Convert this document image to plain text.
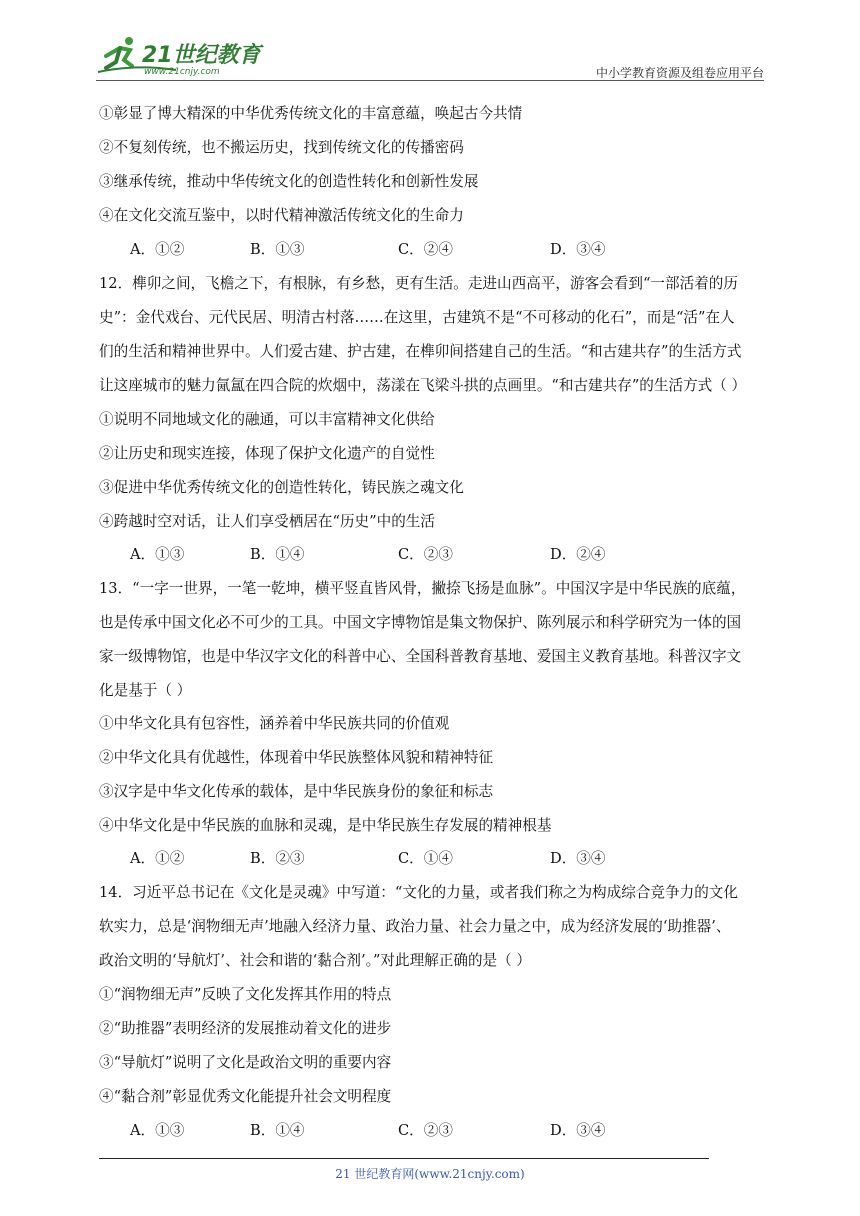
21世纪教育
www.21cnjy.com	中小学教育资源及组卷应用平台
①彰显了博大精深的中华优秀传统文化的丰富意蕴，唤起古今共情
②不复刻传统，也不搬运历史，找到传统文化的传播密码
③继承传统，推动中华传统文化的创造性转化和创新性发展
④在文化交流互鉴中，以时代精神激活传统文化的生命力
A．①②	B．①③	C．②④	D．③④
12．榫卯之间，飞檐之下，有根脉，有乡愁，更有生活。走进山西高平，游客会看到“一部活着的历
史”：金代戏台、元代民居、明清古村落……在这里，古建筑不是“不可移动的化石”，而是“活”在人
们的生活和精神世界中。人们爱古建、护古建，在榫卯间搭建自己的生活。“和古建共存”的生活方式
让这座城市的魅力氤氲在四合院的炊烟中，荡漾在飞梁斗拱的点画里。“和古建共存”的生活方式（ ）
①说明不同地域文化的融通，可以丰富精神文化供给
②让历史和现实连接，体现了保护文化遗产的自觉性
③促进中华优秀传统文化的创造性转化，铸民族之魂文化
④跨越时空对话，让人们享受栖居在“历史”中的生活
A．①③	B．①④	C．②③	D．②④
13．“一字一世界，一笔一乾坤，横平竖直皆风骨，撇捺飞扬是血脉”。中国汉字是中华民族的底蕴，
也是传承中国文化必不可少的工具。中国文字博物馆是集文物保护、陈列展示和科学研究为一体的国
家一级博物馆，也是中华汉字文化的科普中心、全国科普教育基地、爱国主义教育基地。科普汉字文
化是基于（ ）
①中华文化具有包容性，涵养着中华民族共同的价值观
②中华文化具有优越性，体现着中华民族整体风貌和精神特征
③汉字是中华文化传承的载体，是中华民族身份的象征和标志
④中华文化是中华民族的血脉和灵魂，是中华民族生存发展的精神根基
A．①②	B．②③	C．①④	D．③④
14．习近平总书记在《文化是灵魂》中写道：“文化的力量，或者我们称之为构成综合竞争力的文化
软实力，总是‘润物细无声’地融入经济力量、政治力量、社会力量之中，成为经济发展的‘助推器’、
政治文明的‘导航灯’、社会和谐的‘黏合剂’。”对此理解正确的是（ ）
①“润物细无声”反映了文化发挥其作用的特点
②“助推器”表明经济的发展推动着文化的进步
③“导航灯”说明了文化是政治文明的重要内容
④“黏合剂”彰显优秀文化能提升社会文明程度
A．①③	B．①④	C．②③	D．③④
21 世纪教育网(www.21cnjy.com)
